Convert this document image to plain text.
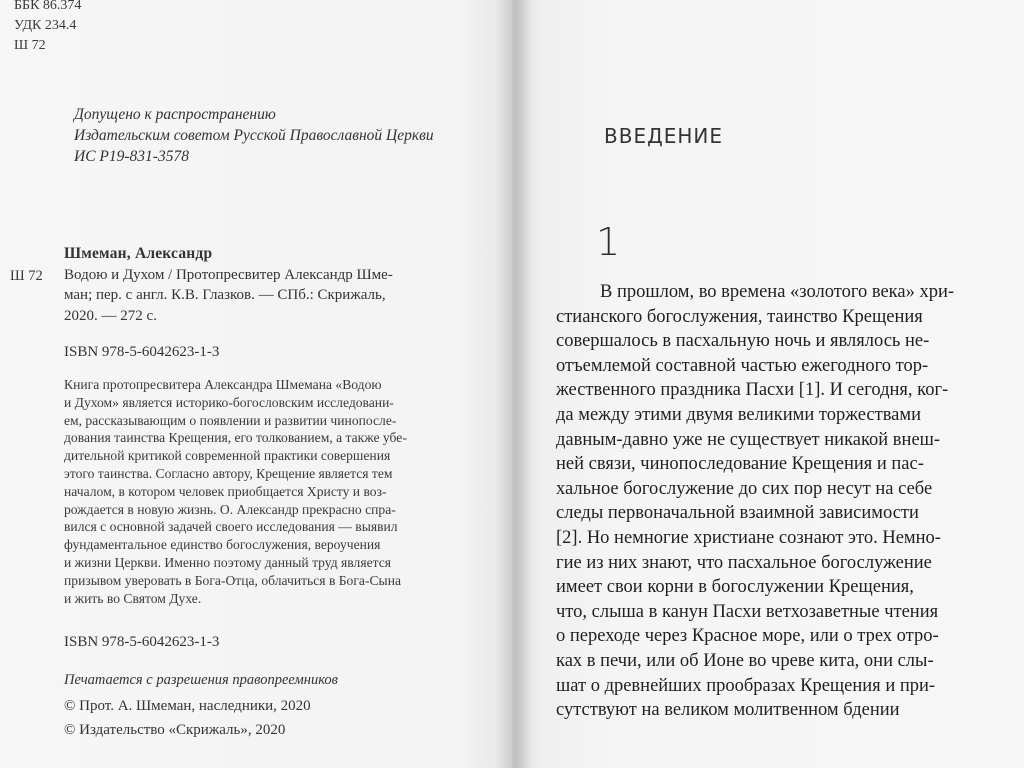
ББК 86.374
УДК 234.4
Ш 72
Допущено к распространению
Издательским советом Русской Православной Церкви
ИС Р19-831-3578
Ш 72
Шмеман, Александр
Водою и Духом / Протопресвитер Александр Шме-
ман; пер. с англ. К.В. Глазков. — СПб.: Скрижаль,
2020. — 272 с.
ISBN 978-5-6042623-1-3
Книга протопресвитера Александра Шмемана «Водою
и Духом» является историко-богословским исследовани-
ем, рассказывающим о появлении и развитии чинопосле-
дования таинства Крещения, его толкованием, а также убе-
дительной критикой современной практики совершения
этого таинства. Согласно автору, Крещение является тем
началом, в котором человек приобщается Христу и воз-
рождается в новую жизнь. О. Александр прекрасно спра-
вился с основной задачей своего исследования — выявил
фундаментальное единство богослужения, вероучения
и жизни Церкви. Именно поэтому данный труд является
призывом уверовать в Бога-Отца, облачиться в Бога-Сына
и жить во Святом Духе.
ISBN 978-5-6042623-1-3
Печатается с разрешения правопреемников
© Прот. А. Шмеман, наследники, 2020
© Издательство «Скрижаль», 2020
ВВЕДЕНИЕ
1
В прошлом, во времена «золотого века» хри-
стианского богослужения, таинство Крещения
совершалось в пасхальную ночь и являлось не-
отъемлемой составной частью ежегодного тор-
жественного праздника Пасхи [1]. И сегодня, ког-
да между этими двумя великими торжествами
давным-давно уже не существует никакой внеш-
ней связи, чинопоследование Крещения и пас-
хальное богослужение до сих пор несут на себе
следы первоначальной взаимной зависимости
[2]. Но немногие христиане сознают это. Немно-
гие из них знают, что пасхальное богослужение
имеет свои корни в богослужении Крещения,
что, слыша в канун Пасхи ветхозаветные чтения
о переходе через Красное море, или о трех отро-
ках в печи, или об Ионе во чреве кита, они слы-
шат о древнейших прообразах Крещения и при-
сутствуют на великом молитвенном бдении
